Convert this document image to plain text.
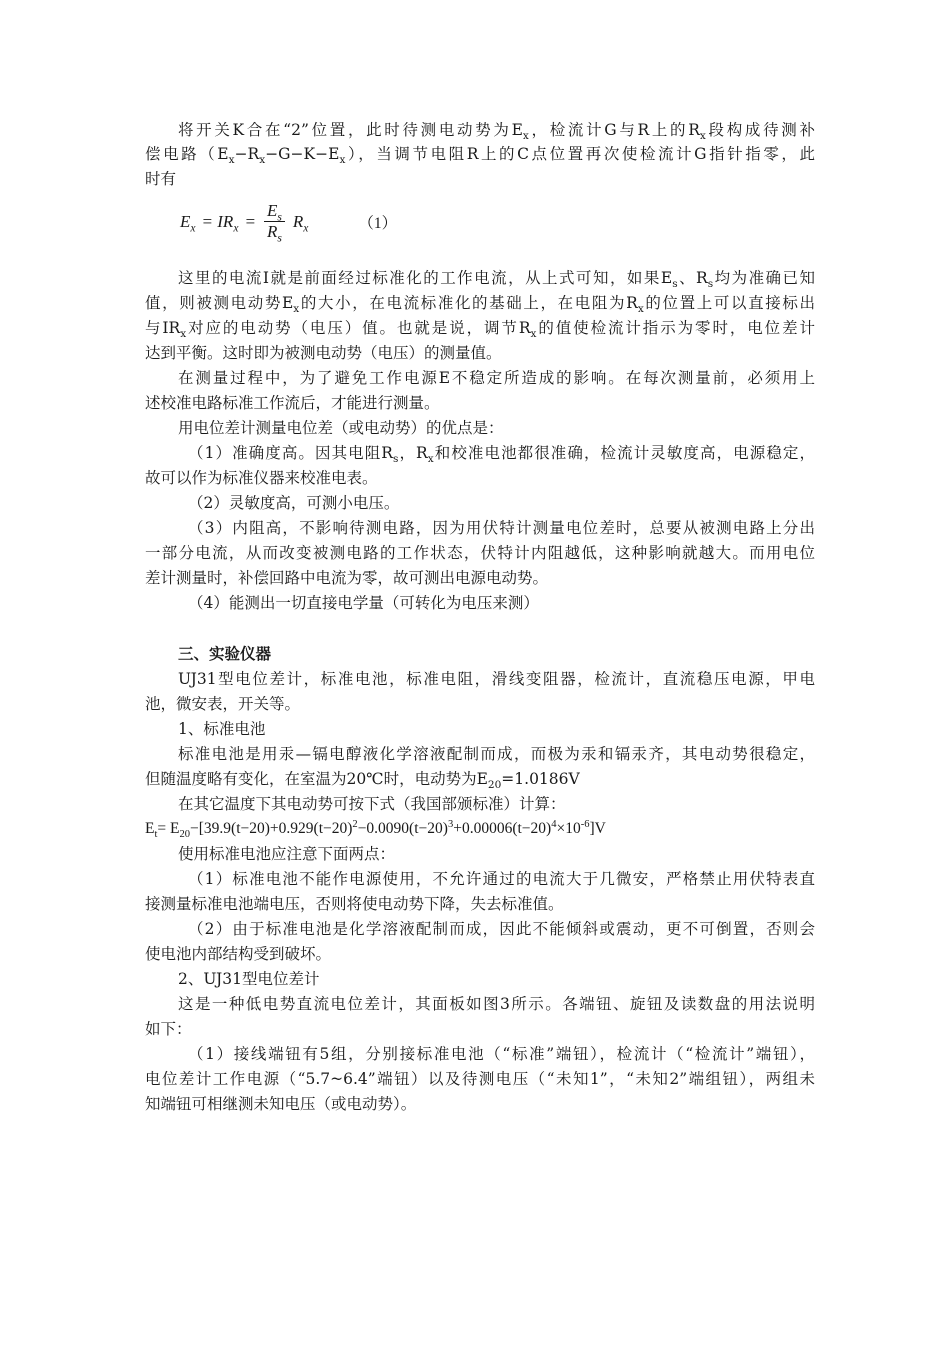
将开关K合在“2”位置，此时待测电动势为$E_x$，检流计G与R上的$R_x$段构成待测补
偿电路$(E_x-R_x-G-K-E_x)$，当调节电阻R上的C点位置再次使检流计G指针指零，此
时有
$E_x = IR_x = \frac{E_s}{R_s} R_x$	（1）
这里的电流I就是前面经过标准化的工作电流，从上式可知，如果$E_s$、$R_s$均为准确已知
值，则被测电动势$E_x$的大小，在电流标准化的基础上，在电阻为$R_x$的位置上可以直接标出
与$IR_x$对应的电动势（电压）值。也就是说，调节$R_x$的值使检流计指示为零时，电位差计
达到平衡。这时即为被测电动势（电压）的测量值。
在测量过程中，为了避免工作电源E不稳定所造成的影响。在每次测量前，必须用上
述校准电路标准工作流后，才能进行测量。
用电位差计测量电位差（或电动势）的优点是：
（1）准确度高。因其电阻$R_s$，$R_x$和校准电池都很准确，检流计灵敏度高，电源稳定，
故可以作为标准仪器来校准电表。
（2）灵敏度高，可测小电压。
（3）内阻高，不影响待测电路，因为用伏特计测量电位差时，总要从被测电路上分出
一部分电流，从而改变被测电路的工作状态，伏特计内阻越低，这种影响就越大。而用电位
差计测量时，补偿回路中电流为零，故可测出电源电动势。
（4）能测出一切直接电学量（可转化为电压来测）
三、实验仪器
UJ31型电位差计，标准电池，标准电阻，滑线变阻器，检流计，直流稳压电源，甲电
池，微安表，开关等。
1、标准电池
标准电池是用汞—镉电醇液化学溶液配制而成，而极为汞和镉汞齐，其电动势很稳定，
但随温度略有变化，在室温为20℃时，电动势为$E_{20}=1.0186V$
在其它温度下其电动势可按下式（我国部颁标准）计算：
$E_t= E_{20}-[39.9(t-20)+0.929(t-20)^2-0.0090(t-20)^3+0.00006(t-20)^4\times 10^{-6}]V$
使用标准电池应注意下面两点：
（1）标准电池不能作电源使用，不允许通过的电流大于几微安，严格禁止用伏特表直
接测量标准电池端电压，否则将使电动势下降，失去标准值。
（2）由于标准电池是化学溶液配制而成，因此不能倾斜或震动，更不可倒置，否则会
使电池内部结构受到破坏。
2、UJ31型电位差计
这是一种低电势直流电位差计，其面板如图3所示。各端钮、旋钮及读数盘的用法说明
如下：
（1）接线端钮有5组，分别接标准电池（“标准”端钮），检流计（“检流计”端钮），
电位差计工作电源（“5.7~6.4”端钮）以及待测电压（“未知1”，“未知2”端组钮），两组未
知端钮可相继测未知电压（或电动势）。
